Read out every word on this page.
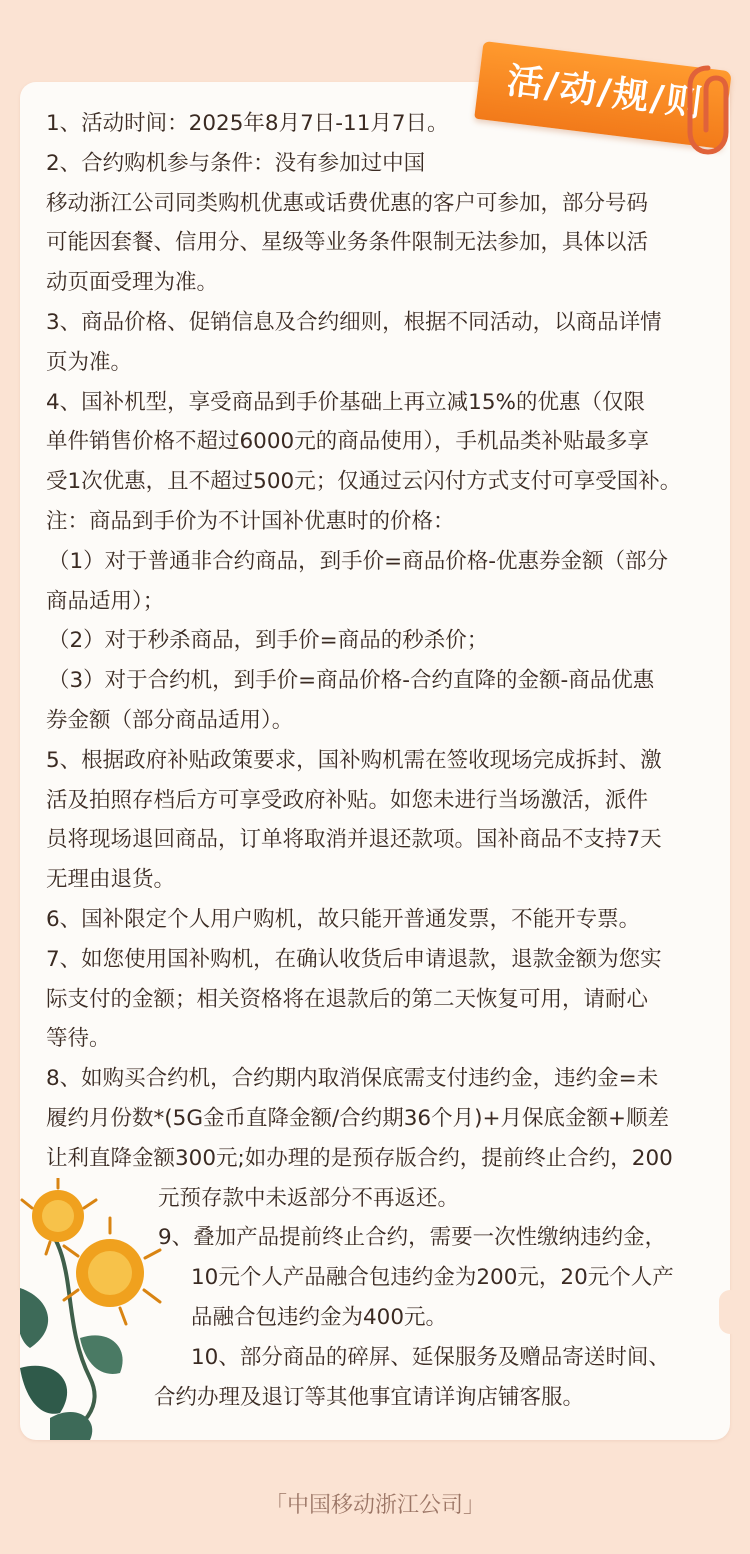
活/动/规/则

1、活动时间：2025年8月7日-11月7日。

2、合约购机参与条件：没有参加过中国

移动浙江公司同类购机优惠或话费优惠的客户可参加，部分号码

可能因套餐、信用分、星级等业务条件限制无法参加，具体以活

动页面受理为准。

3、商品价格、促销信息及合约细则，根据不同活动，以商品详情

页为准。

4、国补机型，享受商品到手价基础上再立减15%的优惠（仅限

单件销售价格不超过6000元的商品使用），手机品类补贴最多享

受1次优惠，且不超过500元；仅通过云闪付方式支付可享受国补。

注：商品到手价为不计国补优惠时的价格：

（1）对于普通非合约商品，到手价=商品价格-优惠券金额（部分

商品适用）；

（2）对于秒杀商品，到手价=商品的秒杀价；

（3）对于合约机，到手价=商品价格-合约直降的金额-商品优惠

券金额（部分商品适用）。

5、根据政府补贴政策要求，国补购机需在签收现场完成拆封、激

活及拍照存档后方可享受政府补贴。如您未进行当场激活，派件

员将现场退回商品，订单将取消并退还款项。国补商品不支持7天

无理由退货。

6、国补限定个人用户购机，故只能开普通发票，不能开专票。

7、如您使用国补购机，在确认收货后申请退款，退款金额为您实

际支付的金额；相关资格将在退款后的第二天恢复可用，请耐心

等待。

8、如购买合约机，合约期内取消保底需支付违约金，违约金=未

履约月份数*(5G金币直降金额/合约期36个月)+月保底金额+顺差

让利直降金额300元;如办理的是预存版合约，提前终止合约，200

元预存款中未返部分不再返还。

9、叠加产品提前终止合约，需要一次性缴纳违约金，

10元个人产品融合包违约金为200元，20元个人产

品融合包违约金为400元。

10、部分商品的碎屏、延保服务及赠品寄送时间、

合约办理及退订等其他事宜请详询店铺客服。

「中国移动浙江公司」
